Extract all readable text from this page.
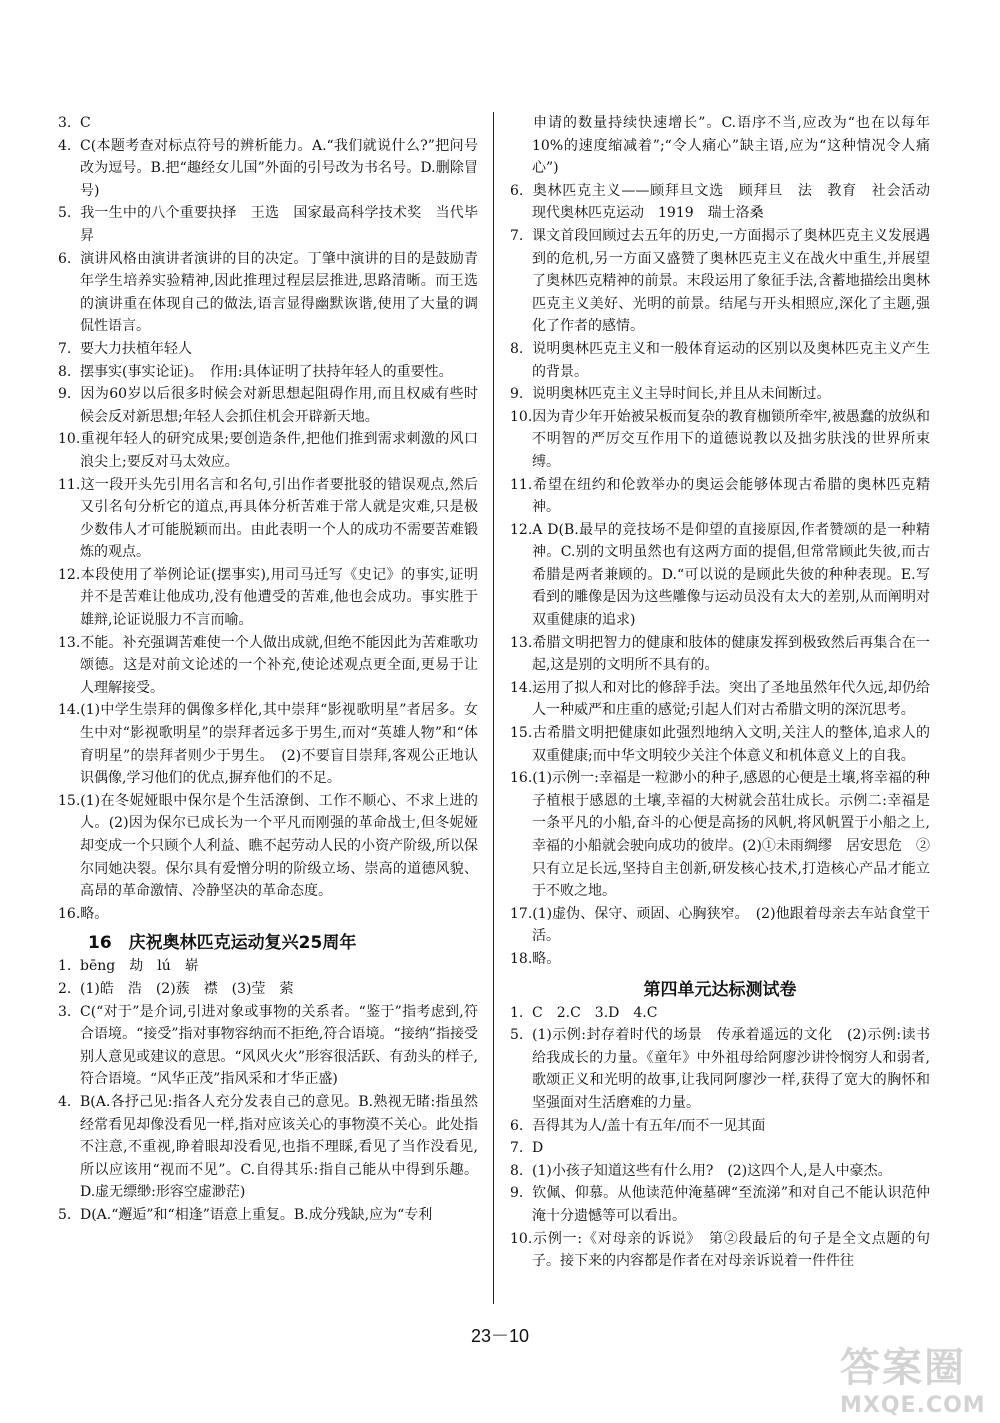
3. C

4. C(本题考查对标点符号的辨析能力。A.“我们就说什么?”把问号改为逗号。B.把“趣经女儿国”外面的引号改为书名号。D.删除冒号)

5. 我一生中的八个重要抉择　王选　国家最高科学技术奖　当代毕昇

6. 演讲风格由演讲者演讲的目的决定。丁肇中演讲的目的是鼓励青年学生培养实验精神,因此推理过程层层推进,思路清晰。而王选的演讲重在体现自己的做法,语言显得幽默诙谐,使用了大量的调侃性语言。

7. 要大力扶植年轻人

8. 摆事实(事实论证)。　作用:具体证明了扶持年轻人的重要性。

9. 因为60岁以后很多时候会对新思想起阻碍作用,而且权威有些时候会反对新思想;年轻人会抓住机会开辟新天地。

10.重视年轻人的研究成果;要创造条件,把他们推到需求刺激的风口浪尖上;要反对马太效应。

11.这一段开头先引用名言和名句,引出作者要批驳的错误观点,然后又引名句分析它的道点,再具体分析苦难于常人就是灾难,只是极少数伟人才可能脱颖而出。由此表明一个人的成功不需要苦难锻炼的观点。

12.本段使用了举例论证(摆事实),用司马迁写《史记》的事实,证明并不是苦难让他成功,没有他遭受的苦难,他也会成功。事实胜于雄辩,论证说服力不言而喻。

13.不能。补充强调苦难使一个人做出成就,但绝不能因此为苦难歌功颂德。这是对前文论述的一个补充,使论述观点更全面,更易于让人理解接受。

14.(1)中学生崇拜的偶像多样化,其中崇拜“影视歌明星”者居多。女生中对“影视歌明星”的崇拜者远多于男生,而对“英雄人物”和“体育明星”的崇拜者则少于男生。　(2)不要盲目崇拜,客观公正地认识偶像,学习他们的优点,摒弃他们的不足。

15.(1)在冬妮娅眼中保尔是个生活潦倒、工作不顺心、不求上进的人。(2)因为保尔已成长为一个平凡而刚强的革命战士,但冬妮娅却变成一个只顾个人利益、瞧不起劳动人民的小资产阶级,所以保尔同她决裂。保尔具有爱憎分明的阶级立场、崇高的道德风貌、高昂的革命激情、冷静坚决的革命态度。

16.略。

16　庆祝奥林匹克运动复兴25周年

1. bēng　劫　lú　崭

2. (1)皓　浩　(2)蔟　襟　(3)莹　萦

3. C(“对于”是介词,引进对象或事物的关系者。“鉴于”指考虑到,符合语境。“接受”指对事物容纳而不拒绝,符合语境。“接纳”指接受别人意见或建议的意思。“风风火火”形容很活跃、有劲头的样子,符合语境。“风华正茂”指风采和才华正盛)

4. B(A.各抒己见:指各人充分发表自己的意见。B.熟视无睹:指虽然经常看见却像没看见一样,指对应该关心的事物漠不关心。此处指不注意,不重视,睁着眼却没看见,也指不理睬,看见了当作没看见,所以应该用“视而不见”。C.自得其乐:指自己能从中得到乐趣。D.虚无缥缈:形容空虚渺茫)

5. D(A.“邂逅”和“相逢”语意上重复。B.成分残缺,应为“专利

申请的数量持续快速增长”。C.语序不当,应改为“也在以每年10%的速度缩减着”;“令人痛心”缺主语,应为“这种情况令人痛心”)

6. 奥林匹克主义——顾拜旦文选　顾拜旦　法　教育　社会活动　现代奥林匹克运动　1919　瑞士洛桑

7. 课文首段回顾过去五年的历史,一方面揭示了奥林匹克主义发展遇到的危机,另一方面又盛赞了奥林匹克主义在战火中重生,并展望了奥林匹克精神的前景。末段运用了象征手法,含蓄地描绘出奥林匹克主义美好、光明的前景。结尾与开头相照应,深化了主题,强化了作者的感情。

8. 说明奥林匹克主义和一般体育运动的区别以及奥林匹克主义产生的背景。

9. 说明奥林匹克主义主导时间长,并且从未间断过。

10.因为青少年开始被呆板而复杂的教育枷锁所牵牢,被愚蠢的放纵和不明智的严厉交互作用下的道德说教以及拙劣肤浅的世界所束缚。

11.希望在纽约和伦敦举办的奥运会能够体现古希腊的奥林匹克精神。

12.A D(B.最早的竞技场不是仰望的直接原因,作者赞颂的是一种精神。C.别的文明虽然也有这两方面的提倡,但常常顾此失彼,而古希腊是两者兼顾的。D.“可以说的是顾此失彼的种种表现。E.写看到的雕像是因为这些雕像与运动员没有太大的差别,从而阐明对双重健康的追求)

13.希腊文明把智力的健康和肢体的健康发挥到极致然后再集合在一起,这是别的文明所不具有的。

14.运用了拟人和对比的修辞手法。突出了圣地虽然年代久远,却仍给人一种威严和庄重的感觉;引起人们对古希腊文明的深沉思考。

15.古希腊文明把健康如此强烈地纳入文明,关注人的整体,追求人的双重健康;而中华文明较少关注个体意义和机体意义上的自我。

16.(1)示例一:幸福是一粒渺小的种子,感恩的心便是土壤,将幸福的种子植根于感恩的土壤,幸福的大树就会茁壮成长。示例二:幸福是一条平凡的小船,奋斗的心便是高扬的风帆,将风帆置于小船之上,幸福的小船就会驶向成功的彼岸。(2)①未雨绸缪　居安思危　②只有立足长远,坚持自主创新,研发核心技术,打造核心产品才能立于不败之地。

17.(1)虚伪、保守、顽固、心胸狭窄。　(2)他跟着母亲去车站食堂干活。

18.略。

第四单元达标测试卷

1. C　2.C　3.D　4.C

5. (1)示例:封存着时代的场景　传承着遥远的文化　(2)示例:读书给我成长的力量。《童年》中外祖母给阿廖沙讲怜悯穷人和弱者,歌颂正义和光明的故事,让我同阿廖沙一样,获得了宽大的胸怀和坚强面对生活磨难的力量。

6. 吾得其为人/盖十有五年/而不一见其面

7. D

8. (1)小孩子知道这些有什么用?　(2)这四个人,是人中豪杰。

9. 钦佩、仰慕。从他读范仲淹墓碑“至流涕”和对自己不能认识范仲淹十分遗憾等可以看出。

10.示例一:《对母亲的诉说》　第②段最后的句子是全文点题的句子。接下来的内容都是作者在对母亲诉说着一件件往

23－10
答案圈
MXQE.COM
